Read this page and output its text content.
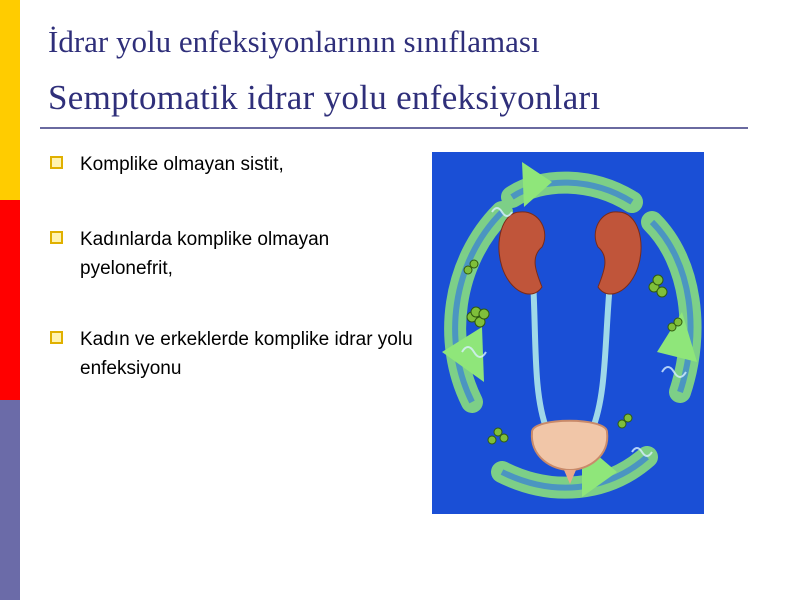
İdrar yolu enfeksiyonlarının sınıflaması
Semptomatik idrar yolu enfeksiyonları
Komplike olmayan sistit,
Kadınlarda komplike olmayan pyelonefrit,
Kadın ve erkeklerde komplike idrar yolu enfeksiyonu
